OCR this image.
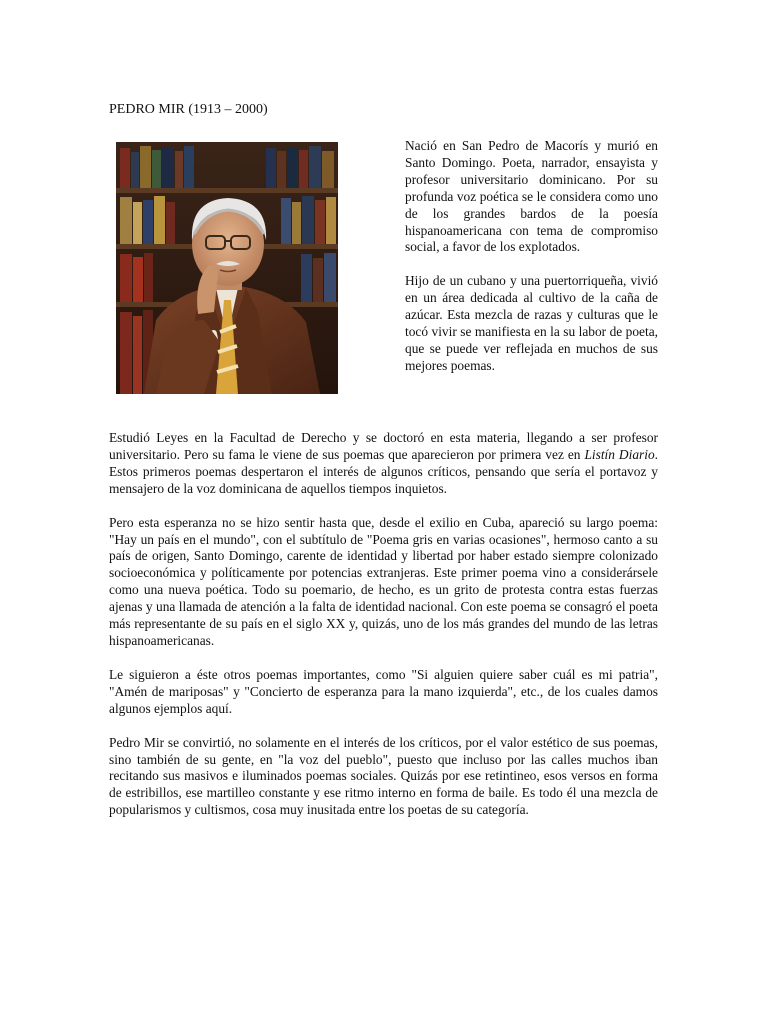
PEDRO MIR (1913 – 2000)

Nació en San Pedro de Macorís y murió en Santo Domingo. Poeta, narrador, ensayista y profesor universitario dominicano. Por su profunda voz poética se le considera como uno de los grandes bardos de la poesía hispanoamericana con tema de compromiso social, a favor de los explotados.

Hijo de un cubano y una puertorriqueña, vivió en un área dedicada al cultivo de la caña de azúcar. Esta mezcla de razas y culturas que le tocó vivir se manifiesta en la su labor de poeta, que se puede ver reflejada en muchos de sus mejores poemas.

Estudió Leyes en la Facultad de Derecho y se doctoró en esta materia, llegando a ser profesor universitario. Pero su fama le viene de sus poemas que aparecieron por primera vez en Listín Diario. Estos primeros poemas despertaron el interés de algunos críticos, pensando que sería el portavoz y mensajero de la voz dominicana de aquellos tiempos inquietos.

Pero esta esperanza no se hizo sentir hasta que, desde el exilio en Cuba, apareció su largo poema: "Hay un país en el mundo", con el subtítulo de "Poema gris en varias ocasiones", hermoso canto a su país de origen, Santo Domingo, carente de identidad y libertad por haber estado siempre colonizado socioeconómica y políticamente por potencias extranjeras. Este primer poema vino a considerársele como una nueva poética. Todo su poemario, de hecho, es un grito de protesta contra estas fuerzas ajenas y una llamada de atención a la falta de identidad nacional. Con este poema se consagró el poeta más representante de su país en el siglo XX y, quizás, uno de los más grandes del mundo de las letras hispanoamericanas.

Le siguieron a éste otros poemas importantes, como "Si alguien quiere saber cuál es mi patria", "Amén de mariposas" y "Concierto de esperanza para la mano izquierda", etc., de los cuales damos algunos ejemplos aquí.

Pedro Mir se convirtió, no solamente en el interés de los críticos, por el valor estético de sus poemas, sino también de su gente, en "la voz del pueblo", puesto que incluso por las calles muchos iban recitando sus masivos e iluminados poemas sociales. Quizás por ese retintineo, esos versos en forma de estribillos, ese martilleo constante y ese ritmo interno en forma de baile. Es todo él una mezcla de popularismos y cultismos, cosa muy inusitada entre los poetas de su categoría.
